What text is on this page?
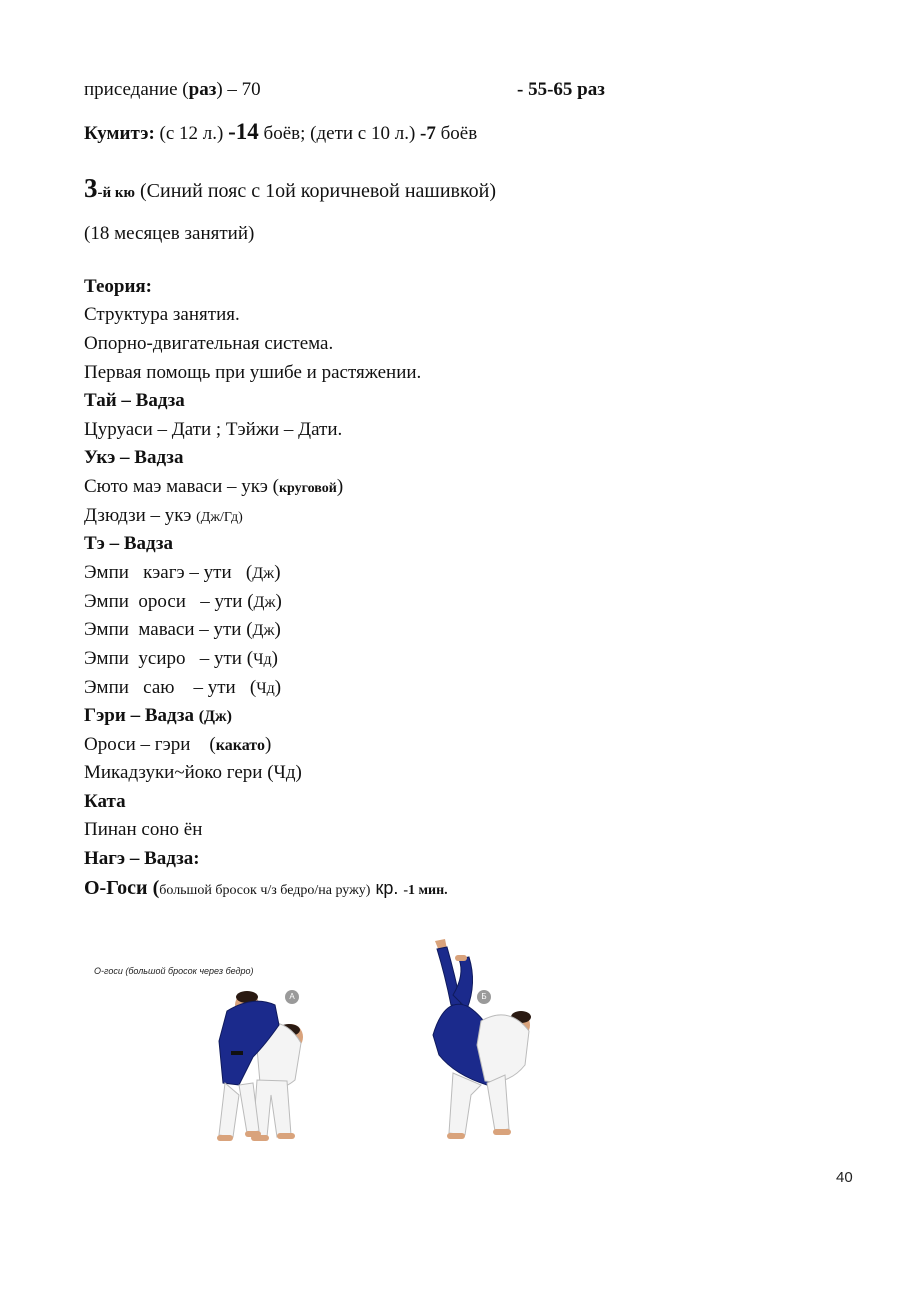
приседание (раз) – 70	- 55-65 раз
Кумитэ: (с 12 л.) -14 боёв; (дети с 10 л.) -7 боёв
3-й кю (Синий пояс с 1ой коричневой нашивкой)
(18 месяцев занятий)
Теория:
Структура занятия.
Опорно-двигательная система.
Первая помощь при ушибе и растяжении.
Тай – Вадза
Цуруаси – Дати ; Тэйжи – Дати.
Укэ – Вадза
Сюто маэ маваси – укэ (круговой)
Дзюдзи – укэ (Дж/Гд)
Тэ – Вадза
Эмпи   кэагэ – ути   (Дж)
Эмпи  ороси   – ути (Дж)
Эмпи  маваси – ути (Дж)
Эмпи  усиро   – ути (Чд)
Эмпи   саю    – ути   (Чд)
Гэри – Вадза (Дж)
Ороси – гэри    (какато)
Микадзуки~йоко гери (Чд)
Ката
Пинан соно ён
Нагэ – Вадза:
О-Госи (большой бросок ч/з бедро/на ружу) кр. -1 мин.
О-госи (большой бросок через бедро)
А	Б
40
